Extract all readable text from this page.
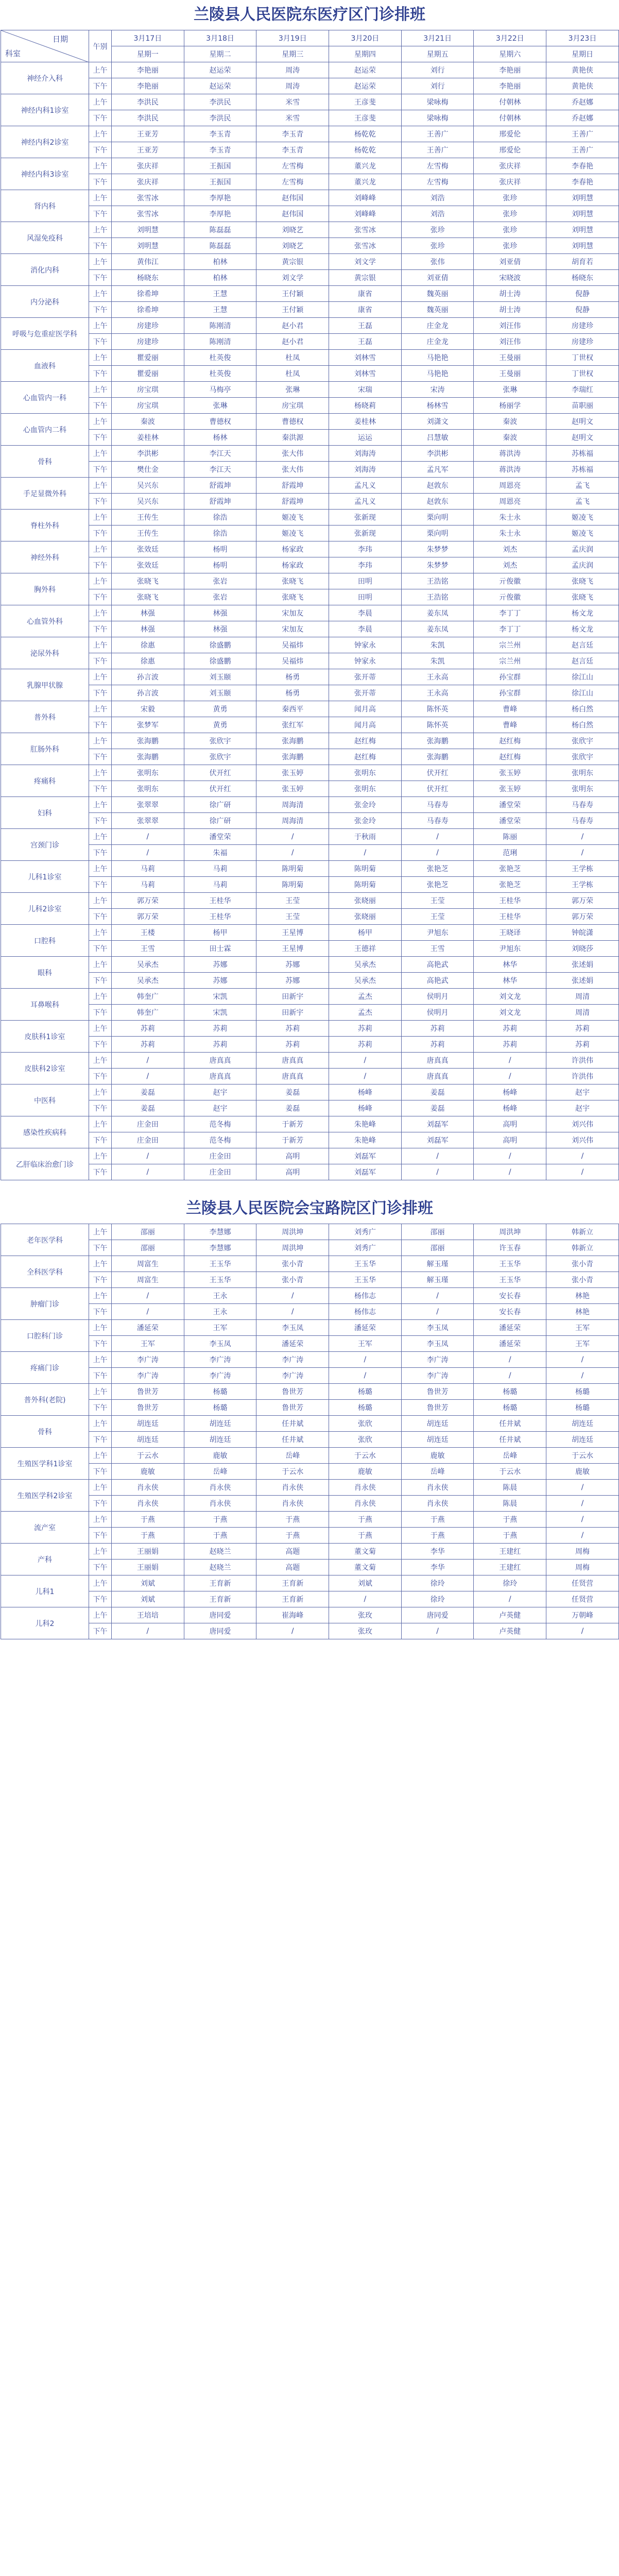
兰陵县人民医院东医疗区门诊排班
日期
科室	午别	3月17日	3月18日	3月19日	3月20日	3月21日	3月22日	3月23日
		星期一	星期二	星期三	星期四	星期五	星期六	星期日
神经介入科	上午	李艳丽	赵运荣	周涛	赵运荣	刘行	李艳丽	黄艳侠
	下午	李艳丽	赵运荣	周涛	赵运荣	刘行	李艳丽	黄艳侠
神经内科1诊室	上午	李洪民	李洪民	米雪	王彦斐	梁咏梅	付朝林	乔赵娜
	下午	李洪民	李洪民	米雪	王彦斐	梁咏梅	付朝林	乔赵娜
神经内科2诊室	上午	王亚芳	李玉青	李玉青	杨乾乾	王善广	邢爱伦	王善广
	下午	王亚芳	李玉青	李玉青	杨乾乾	王善广	邢爱伦	王善广
神经内科3诊室	上午	张庆祥	王振国	左雪梅	董兴龙	左雪梅	张庆祥	李春艳
	下午	张庆祥	王振国	左雪梅	董兴龙	左雪梅	张庆祥	李春艳
肾内科	上午	张雪冰	李厚艳	赵伟国	刘峰峰	刘浩	张珍	刘明慧
	下午	张雪冰	李厚艳	赵伟国	刘峰峰	刘浩	张珍	刘明慧
风湿免疫科	上午	刘明慧	陈磊磊	刘晓艺	张雪冰	张珍	张珍	刘明慧
	下午	刘明慧	陈磊磊	刘晓艺	张雪冰	张珍	张珍	刘明慧
消化内科	上午	黄伟江	柏林	黄宗银	刘文学	张伟	刘亚倩	胡育若
	下午	杨晓东	柏林	刘文学	黄宗银	刘亚倩	宋晓波	杨晓东
内分泌科	上午	徐希坤	王慧	王付颖	康省	魏英丽	胡士涛	倪静
	下午	徐希坤	王慧	王付颖	康省	魏英丽	胡士涛	倪静
呼吸与危重症医学科	上午	房建珍	陈刚清	赵小君	王磊	庄金龙	刘汪伟	房建珍
	下午	房建珍	陈刚清	赵小君	王磊	庄金龙	刘汪伟	房建珍
血液科	上午	瞿爱丽	杜英俊	杜凤	刘林雪	马艳艳	王曼丽	丁世权
	下午	瞿爱丽	杜英俊	杜凤	刘林雪	马艳艳	王曼丽	丁世权
心血管内一科	上午	房宝琪	马梅亭	张琳	宋瑞	宋涛	张琳	李瑞红
	下午	房宝琪	张琳	房宝琪	杨晓莉	杨林雪	杨丽学	苗职丽
心血管内二科	上午	秦波	曹德权	曹德权	姜桂林	刘潇文	秦波	赵明文
	下午	姜桂林	杨林	秦洪源	运运	吕慧敏	秦波	赵明文
骨科	上午	李洪彬	李江天	张大伟	刘海涛	李洪彬	蒋洪涛	苏栋福
	下午	樊仕金	李江天	张大伟	刘海涛	孟凡军	蒋洪涛	苏栋福
手足显微外科	上午	吴兴东	舒霞坤	舒霞坤	孟凡义	赵敦东	周恩亮	孟飞
	下午	吴兴东	舒霞坤	舒霞坤	孟凡义	赵敦东	周恩亮	孟飞
脊柱外科	上午	王传生	徐浩	姬凌飞	张新现	栗向明	朱士永	姬凌飞
	下午	王传生	徐浩	姬凌飞	张新现	栗向明	朱士永	姬凌飞
神经外科	上午	张效廷	杨明	杨家政	李玮	朱梦梦	刘杰	孟庆润
	下午	张效廷	杨明	杨家政	李玮	朱梦梦	刘杰	孟庆润
胸外科	上午	张晓飞	张岩	张晓飞	田明	王浩铭	亓俊徽	张晓飞
	下午	张晓飞	张岩	张晓飞	田明	王浩铭	亓俊徽	张晓飞
心血管外科	上午	林强	林强	宋加友	李晨	姜东凤	李丁丁	杨文龙
	下午	林强	林强	宋加友	李晨	姜东凤	李丁丁	杨文龙
泌尿外科	上午	徐惠	徐盛鹏	吴福炜	钟家永	朱凯	宗兰州	赵言廷
	下午	徐惠	徐盛鹏	吴福炜	钟家永	朱凯	宗兰州	赵言廷
乳腺甲状腺	上午	孙言波	刘玉颐	杨勇	张开蒂	王永高	孙宝群	徐江山
	下午	孙言波	刘玉颐	杨勇	张开蒂	王永高	孙宝群	徐江山
普外科	上午	宋毅	黄勇	秦西平	闻月高	陈怀英	曹峰	杨白然
	下午	张梦军	黄勇	张红军	闻月高	陈怀英	曹峰	杨白然
肛肠外科	上午	张海鹏	张欣宇	张海鹏	赵红梅	张海鹏	赵红梅	张欣宇
	下午	张海鹏	张欣宇	张海鹏	赵红梅	张海鹏	赵红梅	张欣宇
疼痛科	上午	张明东	伏开红	张玉婷	张明东	伏开红	张玉婷	张明东
	下午	张明东	伏开红	张玉婷	张明东	伏开红	张玉婷	张明东
妇科	上午	张翠翠	徐广研	周海清	张金玲	马春寿	潘堂荣	马春寿
	下午	张翠翠	徐广研	周海清	张金玲	马春寿	潘堂荣	马春寿
宫颈门诊	上午	/	潘堂荣	/	于秋雨	/	陈丽	/
	下午	/	朱福	/	/	/	范琍	/
儿科1诊室	上午	马莉	马莉	陈明菊	陈明菊	张艳芝	张艳芝	王学栋
	下午	马莉	马莉	陈明菊	陈明菊	张艳芝	张艳芝	王学栋
儿科2诊室	上午	郭万荣	王桂华	王莹	张晓丽	王莹	王桂华	郭万荣
	下午	郭万荣	王桂华	王莹	张晓丽	王莹	王桂华	郭万荣
口腔科	上午	王楼	杨甲	王星博	杨甲	尹旭东	王晓译	钟皖潇
	下午	王雪	田士霖	王星博	王德祥	王雪	尹旭东	刘晓莎
眼科	上午	吴承杰	苏娜	苏娜	吴承杰	高艳武	林华	张述娟
	下午	吴承杰	苏娜	苏娜	吴承杰	高艳武	林华	张述娟
耳鼻喉科	上午	韩奎广	宋凯	田新宇	孟杰	侯明月	刘文龙	周清
	下午	韩奎广	宋凯	田新宇	孟杰	侯明月	刘文龙	周清
皮肤科1诊室	上午	苏莉	苏莉	苏莉	苏莉	苏莉	苏莉	苏莉
	下午	苏莉	苏莉	苏莉	苏莉	苏莉	苏莉	苏莉
皮肤科2诊室	上午	/	唐真真	唐真真	/	唐真真	/	许洪伟
	下午	/	唐真真	唐真真	/	唐真真	/	许洪伟
中医科	上午	姜磊	赵宇	姜磊	杨峰	姜磊	杨峰	赵宇
	下午	姜磊	赵宇	姜磊	杨峰	姜磊	杨峰	赵宇
感染性疾病科	上午	庄金田	范冬梅	于新芳	朱艳峰	刘磊军	高明	刘兴伟
	下午	庄金田	范冬梅	于新芳	朱艳峰	刘磊军	高明	刘兴伟
乙肝临床治愈门诊	上午	/	庄金田	高明	刘磊军	/	/	/
	下午	/	庄金田	高明	刘磊军	/	/	/
兰陵县人民医院会宝路院区门诊排班
老年医学科	上午	邵丽	李慧娜	周洪坤	刘秀广	邵丽	周洪坤	韩新立
	下午	邵丽	李慧娜	周洪坤	刘秀广	邵丽	许玉春	韩新立
全科医学科	上午	周富生	王玉华	张小青	王玉华	解玉瑾	王玉华	张小青
	下午	周富生	王玉华	张小青	王玉华	解玉瑾	王玉华	张小青
肿瘤门诊	上午	/	王永	/	杨伟志	/	安长春	林艳
	下午	/	王永	/	杨伟志	/	安长春	林艳
口腔科门诊	上午	潘延荣	王军	李玉凤	潘延荣	李玉凤	潘延荣	王军
	下午	王军	李玉凤	潘延荣	王军	李玉凤	潘延荣	王军
疼痛门诊	上午	李广涛	李广涛	李广涛	/	李广涛	/	/
	下午	李广涛	李广涛	李广涛	/	李广涛	/	/
普外科(老院)	上午	鲁世芳	杨璐	鲁世芳	杨璐	鲁世芳	杨璐	杨璐
	下午	鲁世芳	杨璐	鲁世芳	杨璐	鲁世芳	杨璐	杨璐
骨科	上午	胡连廷	胡连廷	任井斌	张欣	胡连廷	任井斌	胡连廷
	下午	胡连廷	胡连廷	任井斌	张欣	胡连廷	任井斌	胡连廷
生殖医学科1诊室	上午	于云水	鹿敏	岳峰	于云水	鹿敏	岳峰	于云水
	下午	鹿敏	岳峰	于云水	鹿敏	岳峰	于云水	鹿敏
生殖医学科2诊室	上午	肖永侠	肖永侠	肖永侠	肖永侠	肖永侠	陈晨	/
	下午	肖永侠	肖永侠	肖永侠	肖永侠	肖永侠	陈晨	/
流产室	上午	于燕	于燕	于燕	于燕	于燕	于燕	/
	下午	于燕	于燕	于燕	于燕	于燕	于燕	/
产科	上午	王丽娟	赵晓兰	高题	董文菊	李华	王建红	周梅
	下午	王丽娟	赵晓兰	高题	董文菊	李华	王建红	周梅
儿科1	上午	刘斌	王育新	王育新	刘斌	徐玲	徐玲	任贤营
	下午	刘斌	王育新	王育新	/	徐玲	/	任贤营
儿科2	上午	王培培	唐同爱	崔海峰	张玫	唐同爱	卢英健	万朝峰
	下午	/	唐同爱	/	张玫	/	卢英健	/
